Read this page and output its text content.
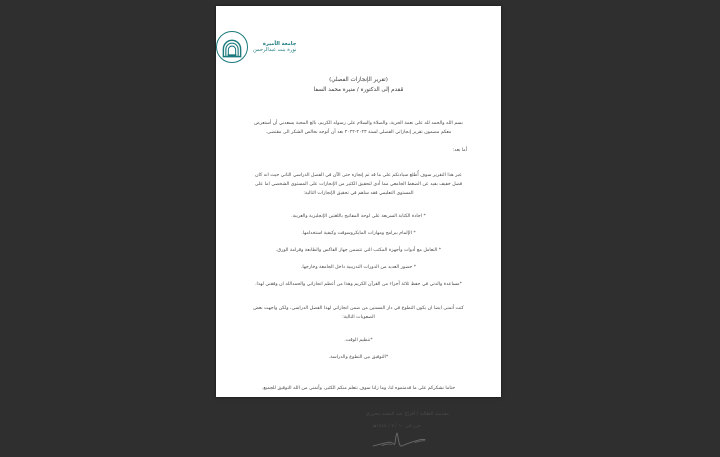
جامعة الأميرة
نورة بنت عبدالرحمن
(تقرير الإنجازات الفصلي)
مُقدم إلى الدكتورة / منيرة محمد السفا

بسم الله والحمد لله على نعمة الحرية، والصلاة والسلام على رسوله الكريم، بالغ المحبة يسعدني أن أستعرض معكم مضمون تقرير إنجازاتي الفصلي لسنة ٢٠٢٣-٢٠٢٢ بعد أن أتوجه بخالص الشكر الى مقتضى.

أما بعد:

عبر هذا التقرير سوف أُطلع سيادتكم على ما قد تم إنجازه حتى الآن في الفصل الدراسي الثاني حيث انه كان فضل خفيف بفيد عن الضغط الجامعي مما أدى لتحقيق الكثير من الإنجازات على المستوى الشخصي اما على المستوى التعليمي فقد ساهم في تحقيق الإنجازات التالية:

* اجادة الكتابة السريعة على لوحة المفاتيح باللغتين الإنجليزية والعربية.

* الإلمام ببرامج ومهارات المايكروسوفت وكيفية استخدامها.

* التعامل مع أدوات وأجهزة المكتب التي تتضمن جهاز الفاكس والطابعة وقرامة الورق.

* حضور العديد من الدورات التدريبية داخل الجامعة وخارجها.

*مساعدة والدتي في حفظ ثلاثة أجزاء من القرآن الكريم وهذا من أعظم انجازاتي والحمدالله ان وفقني لهذا.

كنت أتمنى ايضا ان يكون التطوع في دار المسنين من ضمن انجازاتي لهذا الفصل الدراسي، ولكن واجهت بعض الصعوبات التالية:

*تنظيم الوقت.

*التوفيق بين التطوع والدراسة.

ختاما نشكركم على ما قدمتموه لنا، وما زلنا سوف نتعلم منكم الكثير، وأتمنى من الله التوفيق للجميع.

مقدمته الطالبة / أفراح عبد المجيد محزري
حرر في ١٠ / ٧ / ١٤٤٤هـ
